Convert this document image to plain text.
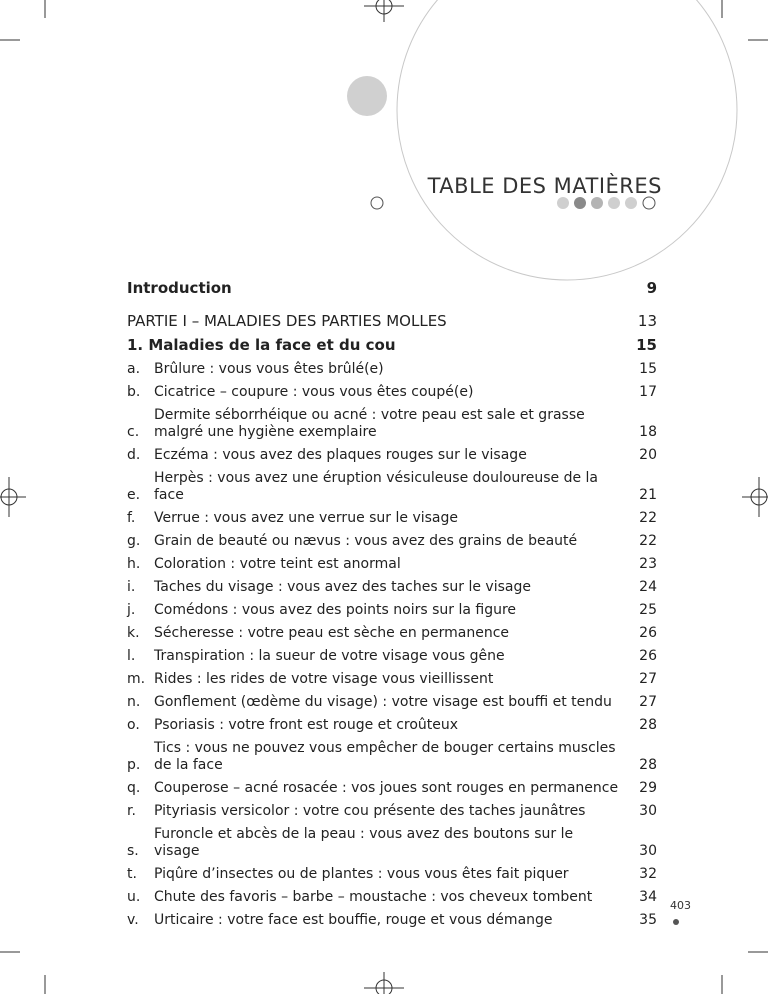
TABLE DES MATIÈRES
Introduction	9
PARTIE I – MALADIES DES PARTIES MOLLES	13
1. Maladies de la face et du cou	15
a. Brûlure : vous vous êtes brûlé(e)	15
b. Cicatrice – coupure : vous vous êtes coupé(e)	17
c.
Dermite séborrhéique ou acné : votre peau est sale et grasse malgré une hygiène exemplaire	18
d. Eczéma : vous avez des plaques rouges sur le visage	20
e.
Herpès : vous avez une éruption vésiculeuse douloureuse de la face	21
f.	Verrue : vous avez une verrue sur le visage	22
g. Grain de beauté ou nævus : vous avez des grains de beauté	22
h. Coloration : votre teint est anormal	23
i.	Taches du visage : vous avez des taches sur le visage	24
j.	Comédons : vous avez des points noirs sur la figure	25
k.	Sécheresse : votre peau est sèche en permanence	26
l.	Transpiration : la sueur de votre visage vous gêne	26
m. Rides : les rides de votre visage vous vieillissent	27
n. Gonflement (œdème du visage) : votre visage est bouffi et tendu	27
o.	Psoriasis : votre front est rouge et croûteux	28
p.
Tics : vous ne pouvez vous empêcher de bouger certains muscles de la face	28
q. Couperose – acné rosacée : vos joues sont rouges en permanence	29
r.	Pityriasis versicolor : votre cou présente des taches jaunâtres	30
s.
Furoncle et abcès de la peau : vous avez des boutons sur le visage	30
t.	Piqûre d’insectes ou de plantes : vous vous êtes fait piquer	32
u. Chute des favoris – barbe – moustache : vos cheveux tombent	34
v.	Urticaire : votre face est bouffie, rouge et vous démange	35
403
